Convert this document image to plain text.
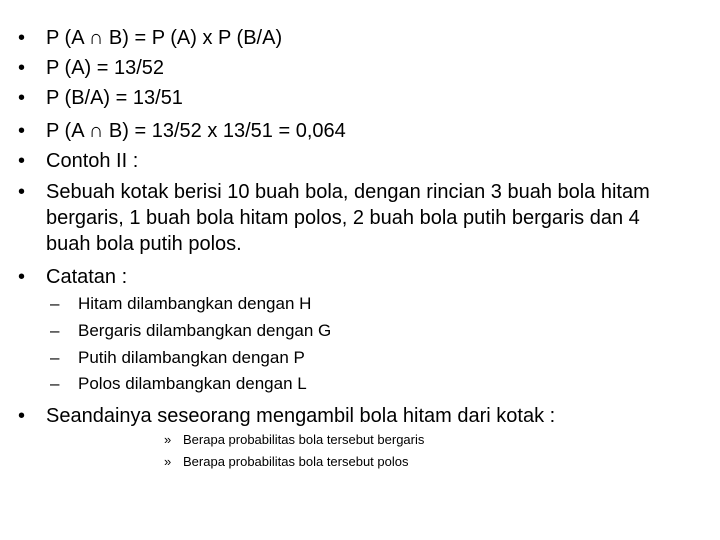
• P (A ∩ B) = P (A) x P (B/A)
• P (A) = 13/52
• P (B/A) = 13/51
• P (A ∩ B) = 13/52 x 13/51 = 0,064
• Contoh II :
• Sebuah kotak berisi 10 buah bola, dengan rincian 3 buah bola hitam bergaris, 1 buah bola hitam polos, 2 buah bola putih bergaris dan 4 buah bola putih polos.
• Catatan :
– Hitam dilambangkan dengan H
– Bergaris dilambangkan dengan G
– Putih dilambangkan dengan P
– Polos dilambangkan dengan L
• Seandainya seseorang mengambil bola hitam dari kotak :
» Berapa probabilitas bola tersebut bergaris
» Berapa probabilitas bola tersebut polos
